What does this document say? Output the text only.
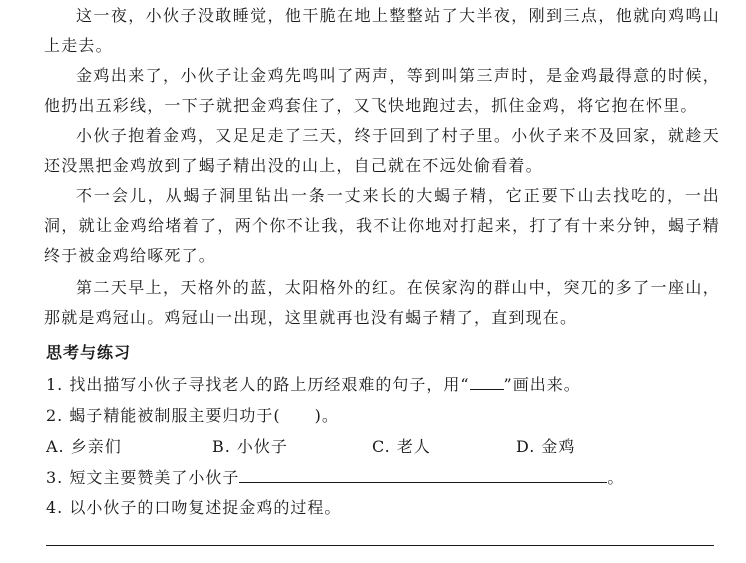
这一夜，小伙子没敢睡觉，他干脆在地上整整站了大半夜，刚到三点，他就向鸡鸣山上走去。

金鸡出来了，小伙子让金鸡先鸣叫了两声，等到叫第三声时，是金鸡最得意的时候，他扔出五彩线，一下子就把金鸡套住了，又飞快地跑过去，抓住金鸡，将它抱在怀里。

小伙子抱着金鸡，又足足走了三天，终于回到了村子里。小伙子来不及回家，就趁天还没黑把金鸡放到了蝎子精出没的山上，自己就在不远处偷看着。

不一会儿，从蝎子洞里钻出一条一丈来长的大蝎子精，它正要下山去找吃的，一出洞，就让金鸡给堵着了，两个你不让我，我不让你地对打起来，打了有十来分钟，蝎子精终于被金鸡给啄死了。

第二天早上，天格外的蓝，太阳格外的红。在侯家沟的群山中，突兀的多了一座山，那就是鸡冠山。鸡冠山一出现，这里就再也没有蝎子精了，直到现在。

思考与练习
1. 找出描写小伙子寻找老人的路上历经艰难的句子，用“ ”画出来。
2. 蝎子精能被制服主要归功于(　　)。
A. 乡亲们	B. 小伙子	C. 老人	D. 金鸡
3. 短文主要赞美了小伙子	。
4. 以小伙子的口吻复述捉金鸡的过程。
